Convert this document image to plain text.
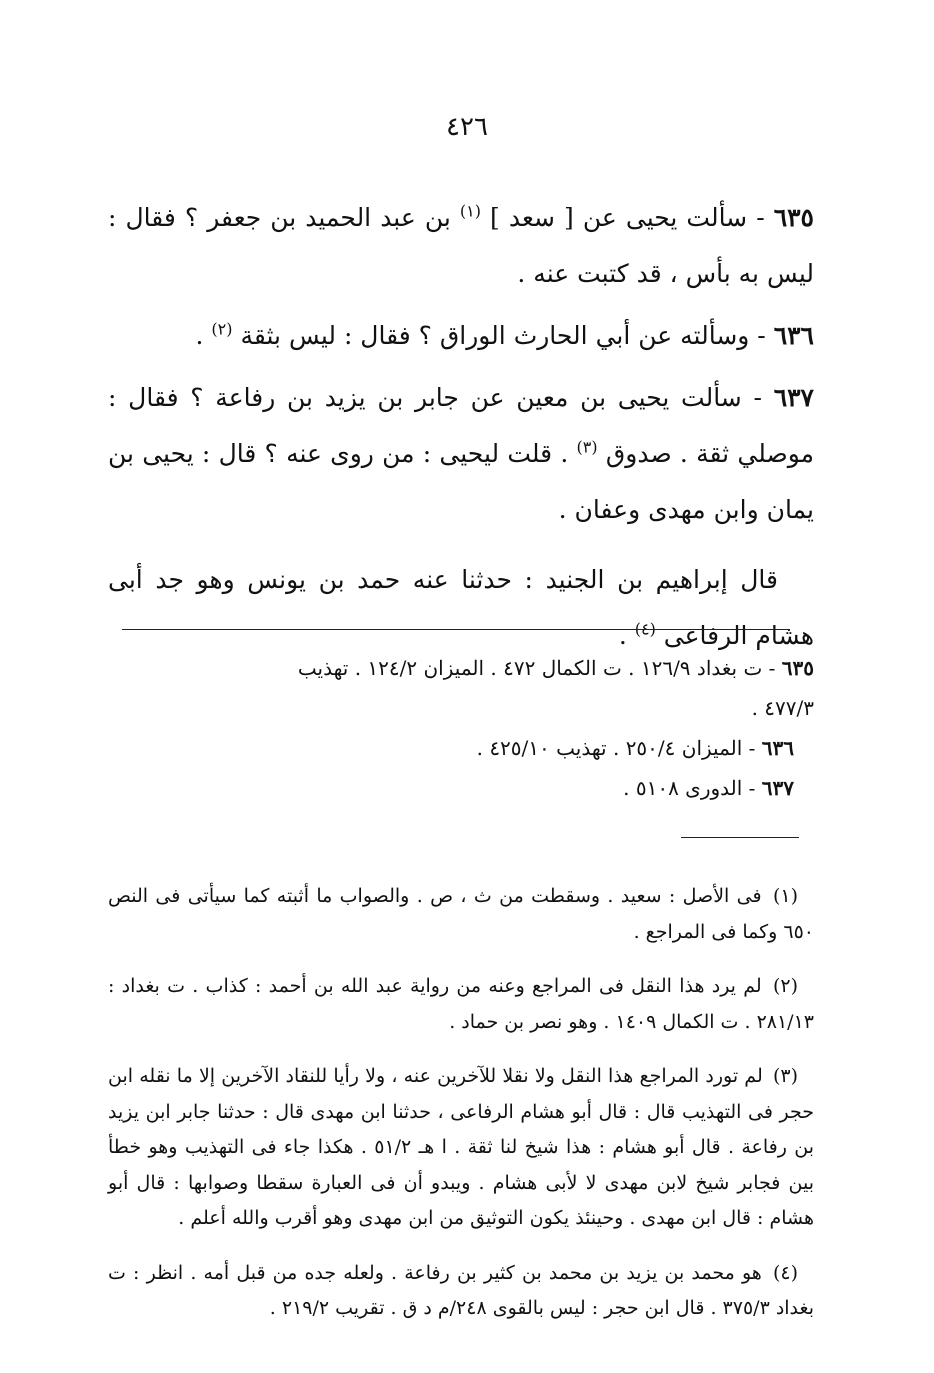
٤٢٦

٦٣٥ - سألت يحيى عن [ سعد ] $^{(١)}$ بن عبد الحميد بن جعفر ؟ فقال : ليس به بأس ، قد كتبت عنه .

٦٣٦ - وسألته عن أبي الحارث الوراق ؟ فقال : ليس بثقة $^{(٢)}$ .

٦٣٧ - سألت يحيى بن معين عن جابر بن يزيد بن رفاعة ؟ فقال : موصلي ثقة . صدوق $^{(٣)}$ . قلت ليحيى : من روى عنه ؟ قال : يحيى بن يمان وابن مهدى وعفان .

قال إبراهيم بن الجنيد : حدثنا عنه حمد بن يونس وهو جد أبى هشام الرفاعى $^{(٤)}$ .

٦٣٥ - ت بغداد ١٢٦/٩ . ت الكمال ٤٧٢ . الميزان ١٢٤/٢ . تهذيب
٤٧٧/٣ .
٦٣٦ - الميزان ٢٥٠/٤ . تهذيب ٤٢٥/١٠ .
٦٣٧ - الدورى ٥١٠٨ .

(١) فى الأصل : سعيد . وسقطت من ث ، ص . والصواب ما أثبته كما سيأتى فى النص ٦٥٠ وكما فى المراجع .

(٢) لم يرد هذا النقل فى المراجع وعنه من رواية عبد الله بن أحمد : كذاب . ت بغداد : ٢٨١/١٣ . ت الكمال ١٤٠٩ . وهو نصر بن حماد .

(٣) لم تورد المراجع هذا النقل ولا نقلا للآخرين عنه ، ولا رأيا للنقاد الآخرين إلا ما نقله ابن حجر فى التهذيب قال : قال أبو هشام الرفاعى ، حدثنا ابن مهدى قال : حدثنا جابر ابن يزيد بن رفاعة . قال أبو هشام : هذا شيخ لنا ثقة . ا هـ ٥١/٢ . هكذا جاء فى التهذيب وهو خطأ بين فجابر شيخ لابن مهدى لا لأبى هشام . ويبدو أن فى العبارة سقطا وصوابها : قال أبو هشام : قال ابن مهدى . وحينئذ يكون التوثيق من ابن مهدى وهو أقرب والله أعلم .

(٤) هو محمد بن يزيد بن محمد بن كثير بن رفاعة . ولعله جده من قبل أمه . انظر : ت بغداد ٣٧٥/٣ . قال ابن حجر : ليس بالقوى ٢٤٨/م د ق . تقريب ٢١٩/٢ .
